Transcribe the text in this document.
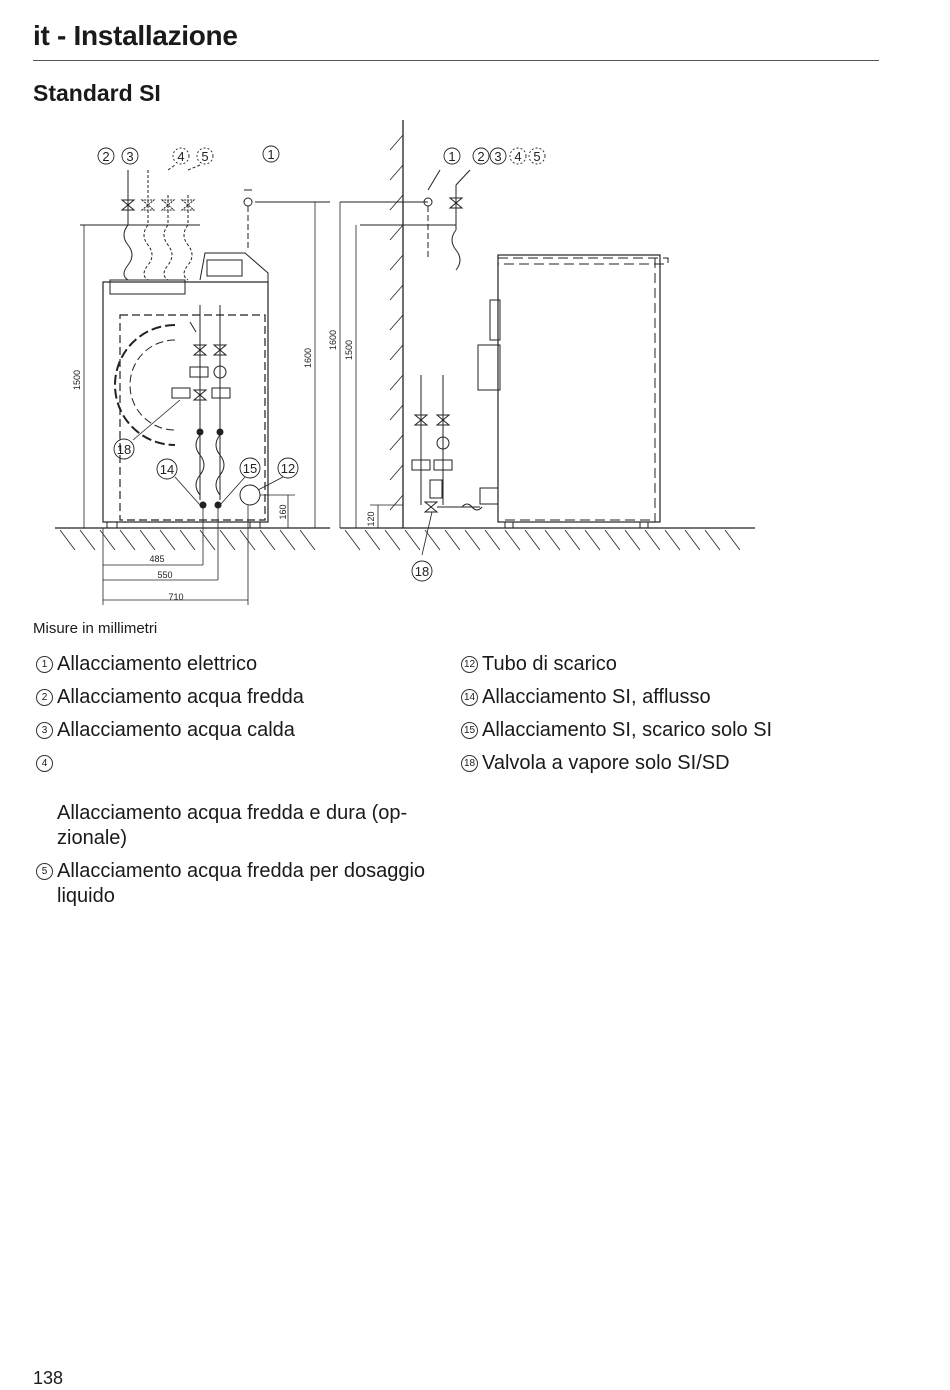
it - Installazione
Standard SI
2 3	4 5	1
18
14	15 12
1 2 3 4 5
18
1500
1600
160
485
550
710
1600 1500
120
Misure in millimetri
1 Allacciamento elettrico
2 Allacciamento acqua fredda
3 Allacciamento acqua calda

4

Allacciamento acqua fredda e dura (op-
zionale)

5 Allacciamento acqua fredda per dosaggio liquido
12 Tubo di scarico
14 Allacciamento SI, afflusso
15 Allacciamento SI, scarico solo SI
18 Valvola a vapore solo SI/SD
138
